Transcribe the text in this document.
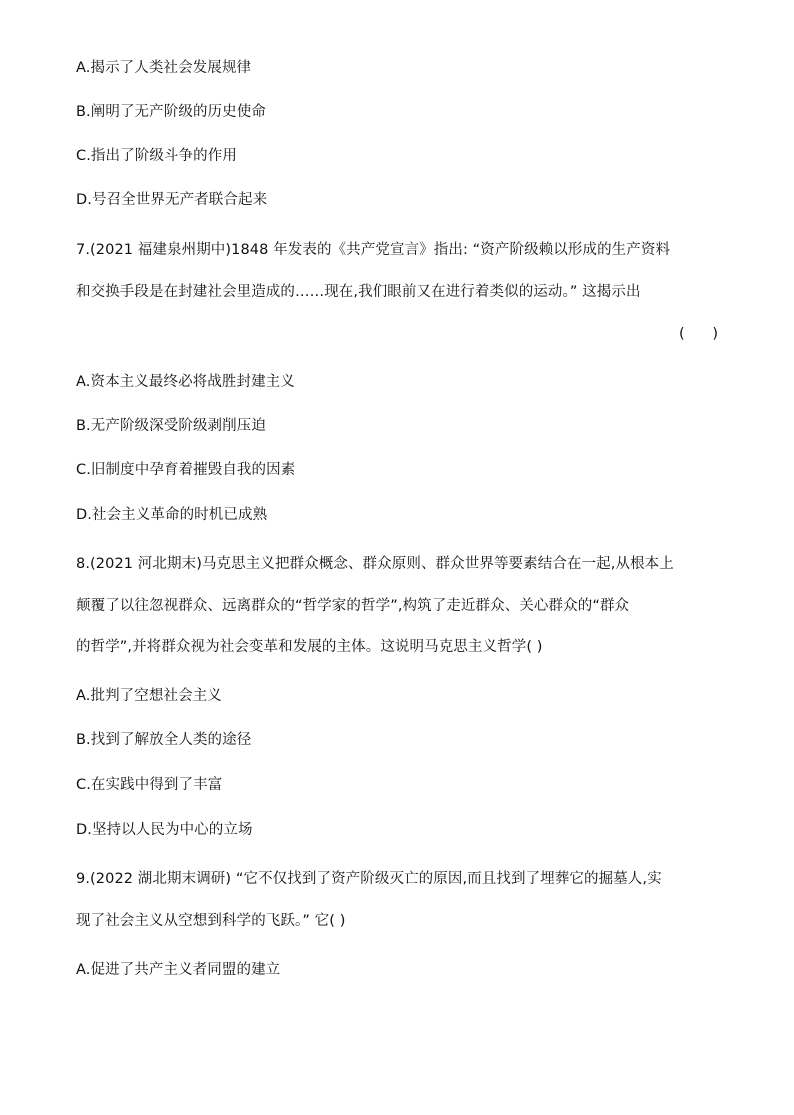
A.揭示了人类社会发展规律
B.阐明了无产阶级的历史使命
C.指出了阶级斗争的作用
D.号召全世界无产者联合起来
7.(2021 福建泉州期中)1848 年发表的《共产党宣言》指出: “资产阶级赖以形成的生产资料
和交换手段是在封建社会里造成的……现在,我们眼前又在进行着类似的运动。” 这揭示出
(      )
A.资本主义最终必将战胜封建主义
B.无产阶级深受阶级剥削压迫
C.旧制度中孕育着摧毁自我的因素
D.社会主义革命的时机已成熟
8.(2021 河北期末)马克思主义把群众概念、群众原则、群众世界等要素结合在一起,从根本上
颠覆了以往忽视群众、远离群众的“哲学家的哲学”,构筑了走近群众、关心群众的“群众
的哲学”,并将群众视为社会变革和发展的主体。这说明马克思主义哲学( )
A.批判了空想社会主义
B.找到了解放全人类的途径
C.在实践中得到了丰富
D.坚持以人民为中心的立场
9.(2022 湖北期末调研) “它不仅找到了资产阶级灭亡的原因,而且找到了埋葬它的掘墓人,实
现了社会主义从空想到科学的飞跃。” 它( )
A.促进了共产主义者同盟的建立
